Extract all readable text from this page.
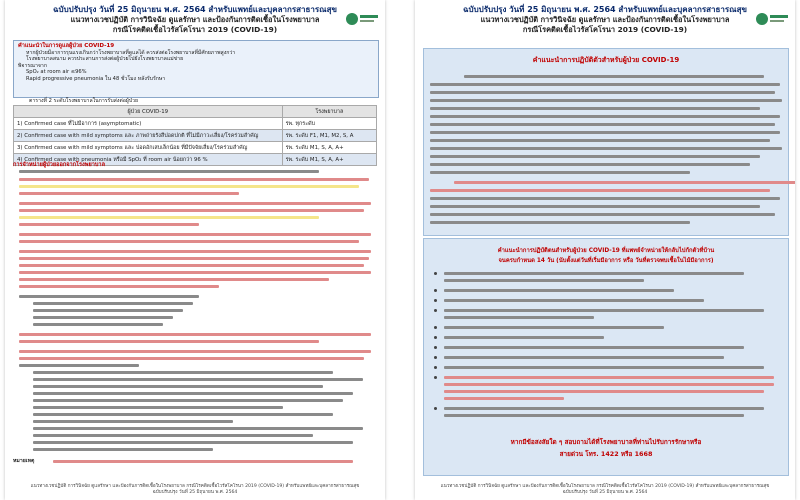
ฉบับปรับปรุง วันที่ 25 มิถุนายน พ.ศ. 2564 สำหรับแพทย์และบุคลากรสาธารณสุข
แนวทางเวชปฏิบัติ การวินิจฉัย ดูแลรักษา และป้องกันการติดเชื้อในโรงพยาบาล
กรณีโรคติดเชื้อไวรัสโคโรนา 2019 (COVID-19)
คำแนะนำในการดูแลผู้ป่วย COVID-19
หากผู้ป่วยมีอาการรุนแรงเกินกว่าโรงพยาบาลที่ดูแลได้ ควรส่งต่อโรงพยาบาลที่มีศักยภาพสูงกว่า
โรงพยาบาลสนาม ควรประสานการส่งต่อผู้ป่วยไปยังโรงพยาบาลแม่ข่าย
พิจารณาจาก
SpO₂ at room air ≤96%
Rapid progressive pneumonia ใน 48 ชั่วโมง หลังรับรักษา
ตารางที่ 2 ระดับโรงพยาบาลในการรับส่งต่อผู้ป่วย
ผู้ป่วย COVID-19	โรงพยาบาล
1) Confirmed case ที่ไม่มีอาการ (asymptomatic)	รพ. ทุกระดับ
2) Confirmed case with mild symptoms และ ภาพถ่ายรังสีปอดปกติ ที่ไม่มีภาวะเสี่ยง/โรคร่วมสำคัญ	รพ. ระดับ F1, M1, M2, S, A
3) Confirmed case with mild symptoms และ ปอดอักเสบเล็กน้อย ที่มีปัจจัยเสี่ยง/โรคร่วมสำคัญ	รพ. ระดับ M1, S, A, A+
4) Confirmed case with pneumonia หรือมี SpO₂ ที่ room air น้อยกว่า 96 %	รพ. ระดับ M1, S, A, A+
การจำหน่ายผู้ป่วยออกจากโรงพยาบาล
หมายเหตุ
แนวทางเวชปฏิบัติ การวินิจฉัย ดูแลรักษา และป้องกันการติดเชื้อในโรงพยาบาล กรณีโรคติดเชื้อไวรัสโคโรนา 2019 (COVID-19) สำหรับแพทย์และบุคลากรสาธารณสุข
ฉบับปรับปรุง วันที่ 25 มิถุนายน พ.ศ. 2564
ฉบับปรับปรุง วันที่ 25 มิถุนายน พ.ศ. 2564 สำหรับแพทย์และบุคลากรสาธารณสุข
แนวทางเวชปฏิบัติ การวินิจฉัย ดูแลรักษา และป้องกันการติดเชื้อในโรงพยาบาล
กรณีโรคติดเชื้อไวรัสโคโรนา 2019 (COVID-19)
คำแนะนำการปฏิบัติตัวสำหรับผู้ป่วย COVID-19
คำแนะนำการปฏิบัติตนสำหรับผู้ป่วย COVID-19 ที่แพทย์จำหน่ายให้กลับไปกักตัวที่บ้าน
จนครบกำหนด 14 วัน (นับตั้งแต่วันที่เริ่มมีอาการ หรือ วันที่ตรวจพบเชื้อในไม้มีอาการ)
หากมีข้อสงสัยใด ๆ สอบถามได้ที่โรงพยาบาลที่ท่านไปรับการรักษาหรือ
สายด่วน โทร. 1422 หรือ 1668
แนวทางเวชปฏิบัติ การวินิจฉัย ดูแลรักษา และป้องกันการติดเชื้อในโรงพยาบาล กรณีโรคติดเชื้อไวรัสโคโรนา 2019 (COVID-19) สำหรับแพทย์และบุคลากรสาธารณสุข
ฉบับปรับปรุง วันที่ 25 มิถุนายน พ.ศ. 2564
